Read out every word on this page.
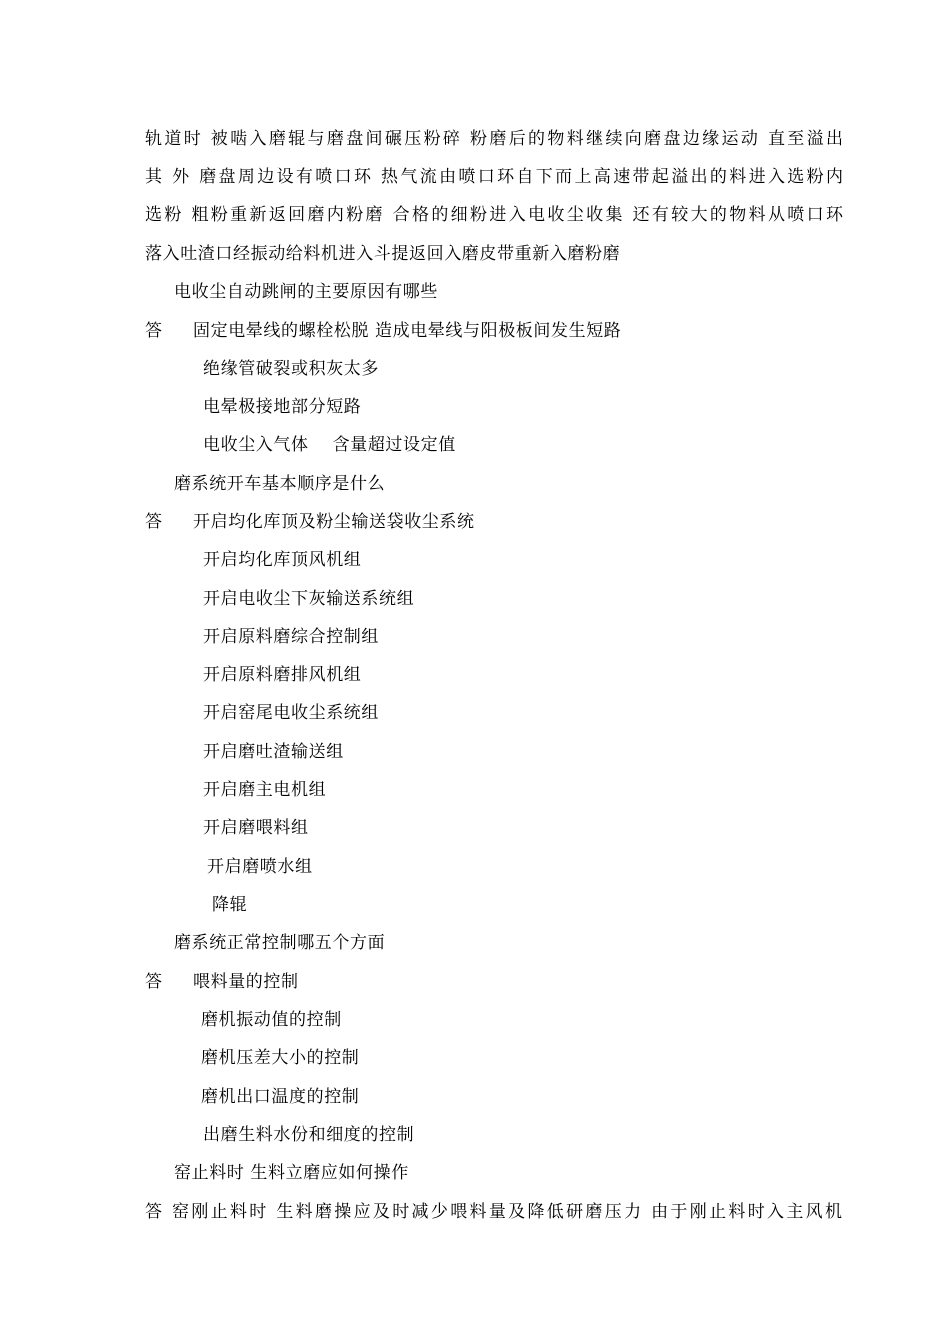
轨道时 被啮入磨辊与磨盘间碾压粉碎 粉磨后的物料继续向磨盘边缘运动 直至溢出
其 外 磨盘周边设有喷口环 热气流由喷口环自下而上高速带起溢出的料进入选粉内
选粉 粗粉重新返回磨内粉磨 合格的细粉进入电收尘收集 还有较大的物料从喷口环
落入吐渣口经振动给料机进入斗提返回入磨皮带重新入磨粉磨
电收尘自动跳闸的主要原因有哪些
答 固定电晕线的螺栓松脱 造成电晕线与阳极板间发生短路
绝缘管破裂或积灰太多
电晕极接地部分短路
电收尘入气体    含量超过设定值
磨系统开车基本顺序是什么
答 开启均化库顶及粉尘输送袋收尘系统
开启均化库顶风机组
开启电收尘下灰输送系统组
开启原料磨综合控制组
开启原料磨排风机组
开启窑尾电收尘系统组
开启磨吐渣输送组
开启磨主电机组
开启磨喂料组
开启磨喷水组
降辊
磨系统正常控制哪五个方面
答 喂料量的控制
磨机振动值的控制
磨机压差大小的控制
磨机出口温度的控制
出磨生料水份和细度的控制
窑止料时 生料立磨应如何操作
答 窑刚止料时 生料磨操应及时减少喂料量及降低研磨压力 由于刚止料时入主风机
